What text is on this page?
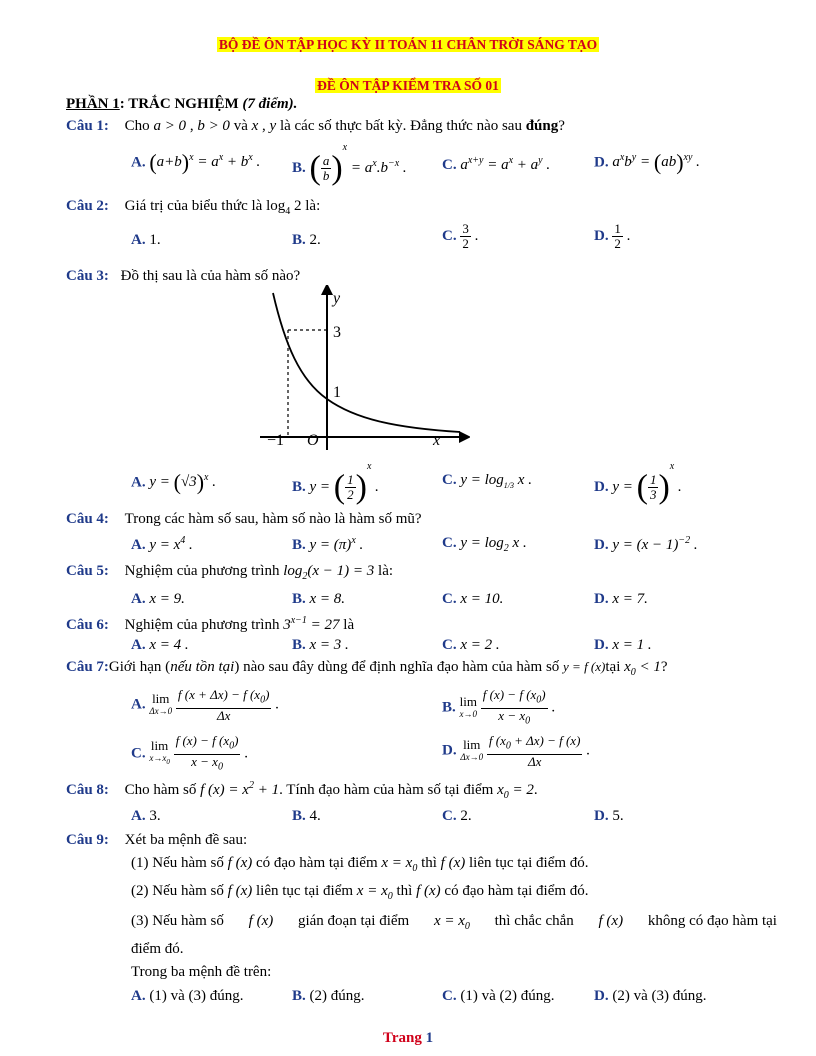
BỘ ĐỀ ÔN TẬP HỌC KỲ II TOÁN 11 CHÂN TRỜI SÁNG TẠO
ĐỀ ÔN TẬP KIỂM TRA SỐ 01
PHẦN 1: TRẮC NGHIỆM (7 điểm).
Câu 1: Cho a > 0 , b > 0 và x , y là các số thực bất kỳ. Đẳng thức nào sau đúng?
A. $(a+b)^x = a^x + b^x$ . B. ( $\frac{a}{b} )^x = a^x.b^{-x}$ . C. $a^{x+y} = a^x + a^y$ .	D. $a^xb^y = (ab)^{xy}$ .
Câu 2: Giá trị của biểu thức là $\log_4 2$ là:
A. 1.	B. 2.	C. $\frac{3}{2}$ .	D. $\frac{1}{2}$ .
Câu 3: Đồ thị sau là của hàm số nào?
y
3
1
−1 O	x
A. $y = (√3)^x$ .	B. y = ( $\frac{1}{2} )^x$ .	C. $y = \log_{1/3} x$ .	D. y = ( $\frac{1}{3} )^x$ .
Câu 4: Trong các hàm số sau, hàm số nào là hàm số mũ?
A. $y = x^4$ .	B. $y = (\pi)^x$ .	C. $y = \log_2 x$ .	D. $y = (x - 1)^{-2}$ .
Câu 5: Nghiệm của phương trình $\log_2(x - 1) = 3$ là:
A. x = 9.	B. x = 8.	C. x = 10.	D. x = 7.
Câu 6: Nghiệm của phương trình $3^{x-1} = 27$ là
A. x = 4 .	B. x = 3 .	C. x = 2 .	D. x = 1 .
Câu 7:Giới hạn (nếu tồn tại) nào sau đây dùng để định nghĩa đạo hàm của hàm số y = f (x)tại $x_0 < 1$?
A. lim
Δx→0
$\frac{f (x + \Delta x) - f (x_0)}{\Delta x}$ .	B. lim
x→0
$\frac{f (x) - f (x_0)}{x - x_0}$ .
C. lim
$x\to x_0$
$\frac{f (x) - f (x_0)}{x - x_0}$ .	D. lim
Δx→0
$\frac{f (x_0 + \Delta x) - f (x)}{\Delta x}$ .
Câu 8: Cho hàm số f $(x) = x^2 + 1$. Tính đạo hàm của hàm số tại điểm $x_0 = 2$.
A. 3.	B. 4.	C. 2.	D. 5.
Câu 9: Xét ba mệnh đề sau:
(1) Nếu hàm số f (x) có đạo hàm tại điểm $x = x_0$ thì f (x) liên tục tại điểm đó.
(2) Nếu hàm số f (x) liên tục tại điểm $x = x_0$ thì f (x) có đạo hàm tại điểm đó.
(3) Nếu hàm số f (x) gián đoạn tại điểm $x = x_0$ thì chắc chắn f (x) không có đạo hàm tại
điểm đó.
Trong ba mệnh đề trên:
A. (1) và (3) đúng.	B. (2) đúng.	C. (1) và (2) đúng.	D. (2) và (3) đúng.
Trang 1
